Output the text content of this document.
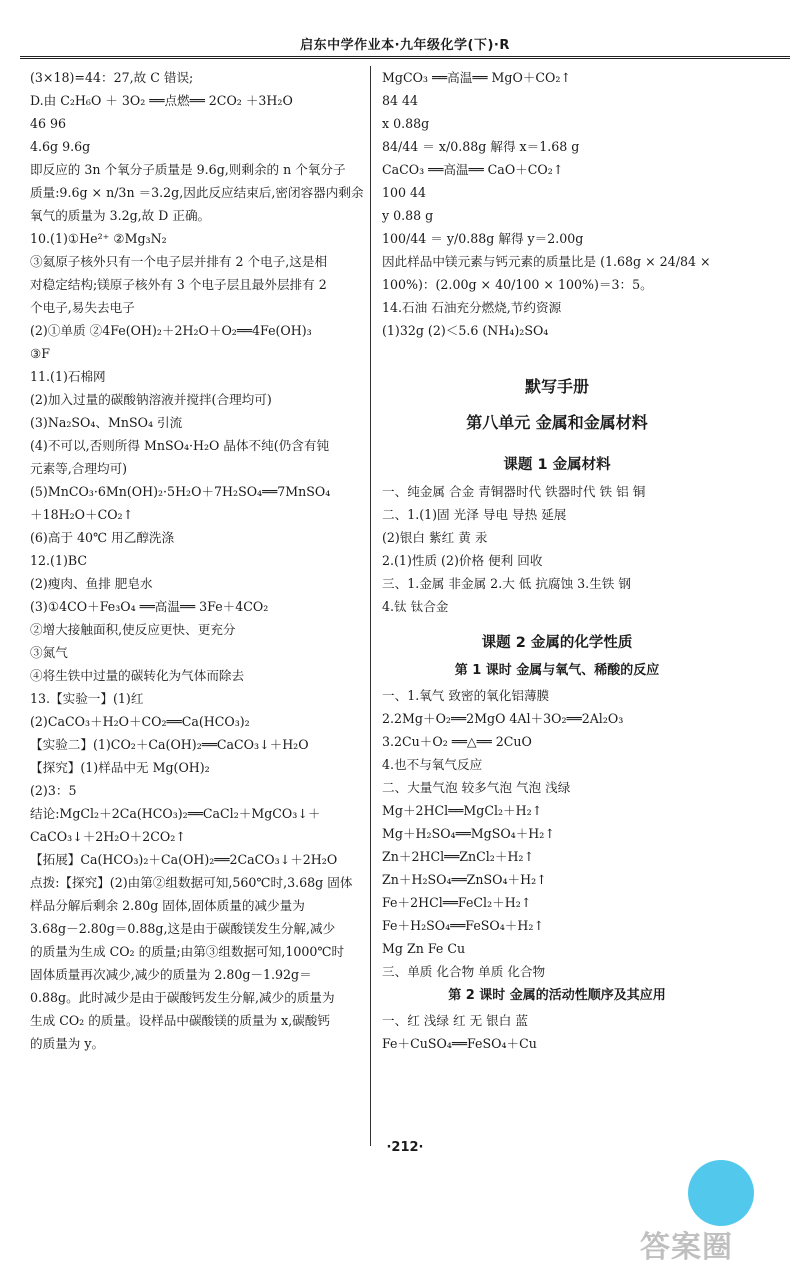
启东中学作业本·九年级化学(下)·R
(3×18)=44：27,故 C 错误;
D.由 C₂H₆O ＋ 3O₂ ══点燃══ 2CO₂ ＋3H₂O
46 96
4.6g 9.6g
即反应的 3n 个氧分子质量是 9.6g,则剩余的 n 个氧分子
质量:9.6g × n/3n ＝3.2g,因此反应结束后,密闭容器内剩余
氧气的质量为 3.2g,故 D 正确。
10.(1)①He²⁺ ②Mg₃N₂
③氦原子核外只有一个电子层并排有 2 个电子,这是相
对稳定结构;镁原子核外有 3 个电子层且最外层排有 2
个电子,易失去电子
(2)①单质 ②4Fe(OH)₂＋2H₂O＋O₂══4Fe(OH)₃
③F
11.(1)石棉网
(2)加入过量的碳酸钠溶液并搅拌(合理均可)
(3)Na₂SO₄、MnSO₄ 引流
(4)不可以,否则所得 MnSO₄·H₂O 晶体不纯(仍含有钝
元素等,合理均可)
(5)MnCO₃·6Mn(OH)₂·5H₂O＋7H₂SO₄══7MnSO₄
＋18H₂O＋CO₂↑
(6)高于 40℃ 用乙醇洗涤
12.(1)BC
(2)瘦肉、鱼排 肥皂水
(3)①4CO＋Fe₃O₄ ══高温══ 3Fe＋4CO₂
②增大接触面积,使反应更快、更充分
③氮气
④将生铁中过量的碳转化为气体而除去
13.【实验一】(1)红
(2)CaCO₃＋H₂O＋CO₂══Ca(HCO₃)₂
【实验二】(1)CO₂＋Ca(OH)₂══CaCO₃↓＋H₂O
【探究】(1)样品中无 Mg(OH)₂
(2)3：5
结论:MgCl₂＋2Ca(HCO₃)₂══CaCl₂＋MgCO₃↓＋
CaCO₃↓＋2H₂O＋2CO₂↑
【拓展】Ca(HCO₃)₂＋Ca(OH)₂══2CaCO₃↓＋2H₂O
点拨:【探究】(2)由第②组数据可知,560℃时,3.68g 固体
样品分解后剩余 2.80g 固体,固体质量的减少量为
3.68g－2.80g＝0.88g,这是由于碳酸镁发生分解,减少
的质量为生成 CO₂ 的质量;由第③组数据可知,1000℃时
固体质量再次减少,减少的质量为 2.80g－1.92g＝
0.88g。此时减少是由于碳酸钙发生分解,减少的质量为
生成 CO₂ 的质量。设样品中碳酸镁的质量为 x,碳酸钙
的质量为 y。
MgCO₃ ══高温══ MgO＋CO₂↑
84 44
x 0.88g
84/44 ＝ x/0.88g 解得 x＝1.68 g
CaCO₃ ══高温══ CaO＋CO₂↑
100 44
y 0.88 g
100/44 ＝ y/0.88g 解得 y＝2.00g
因此样品中镁元素与钙元素的质量比是 (1.68g × 24/84 ×
100%)：(2.00g × 40/100 × 100%)＝3：5。
14.石油 石油充分燃烧,节约资源
(1)32g (2)＜5.6 (NH₄)₂SO₄
默写手册
第八单元 金属和金属材料
课题 1 金属材料
一、纯金属 合金 青铜器时代 铁器时代 铁 铝 铜
二、1.(1)固 光泽 导电 导热 延展
(2)银白 紫红 黄 汞
2.(1)性质 (2)价格 便利 回收
三、1.金属 非金属 2.大 低 抗腐蚀 3.生铁 钢
4.钛 钛合金
课题 2 金属的化学性质
第 1 课时 金属与氧气、稀酸的反应
一、1.氧气 致密的氧化铝薄膜
2.2Mg＋O₂══2MgO 4Al＋3O₂══2Al₂O₃
3.2Cu＋O₂ ══△══ 2CuO
4.也不与氧气反应
二、大量气泡 较多气泡 气泡 浅绿
Mg＋2HCl══MgCl₂＋H₂↑
Mg＋H₂SO₄══MgSO₄＋H₂↑
Zn＋2HCl══ZnCl₂＋H₂↑
Zn＋H₂SO₄══ZnSO₄＋H₂↑
Fe＋2HCl══FeCl₂＋H₂↑
Fe＋H₂SO₄══FeSO₄＋H₂↑
Mg Zn Fe Cu
三、单质 化合物 单质 化合物
第 2 课时 金属的活动性顺序及其应用
一、红 浅绿 红 无 银白 蓝
Fe＋CuSO₄══FeSO₄＋Cu
·212·
答案圈
